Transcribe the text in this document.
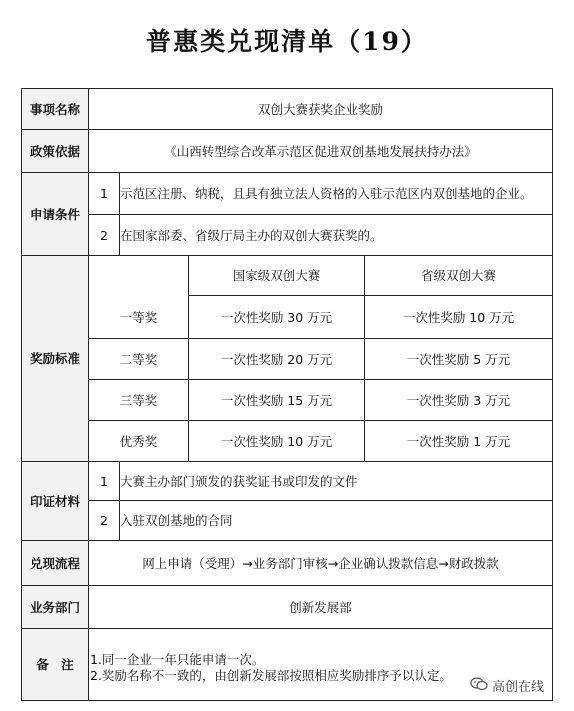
普惠类兑现清单（19）
事项名称	双创大赛获奖企业奖励
政策依据	《山西转型综合改革示范区促进双创基地发展扶持办法》
申请条件
1 示范区注册、纳税，且具有独立法人资格的入驻示范区内双创基地的企业。
2 在国家部委、省级厅局主办的双创大赛获奖的。
奖励标准
国家级双创大赛	省级双创大赛
一等奖	一次性奖励 30 万元	一次性奖励 10 万元
二等奖	一次性奖励 20 万元	一次性奖励 5 万元
三等奖	一次性奖励 15 万元	一次性奖励 3 万元
优秀奖	一次性奖励 10 万元	一次性奖励 1 万元
印证材料
1 大赛主办部门颁发的获奖证书或印发的文件
2 入驻双创基地的合同
兑现流程	网上申请（受理）→业务部门审核→企业确认拨款信息→财政拨款
业务部门	创新发展部
备　注	1.同一企业一年只能申请一次。
2.奖励名称不一致的，由创新发展部按照相应奖励排序予以认定。
高创在线
